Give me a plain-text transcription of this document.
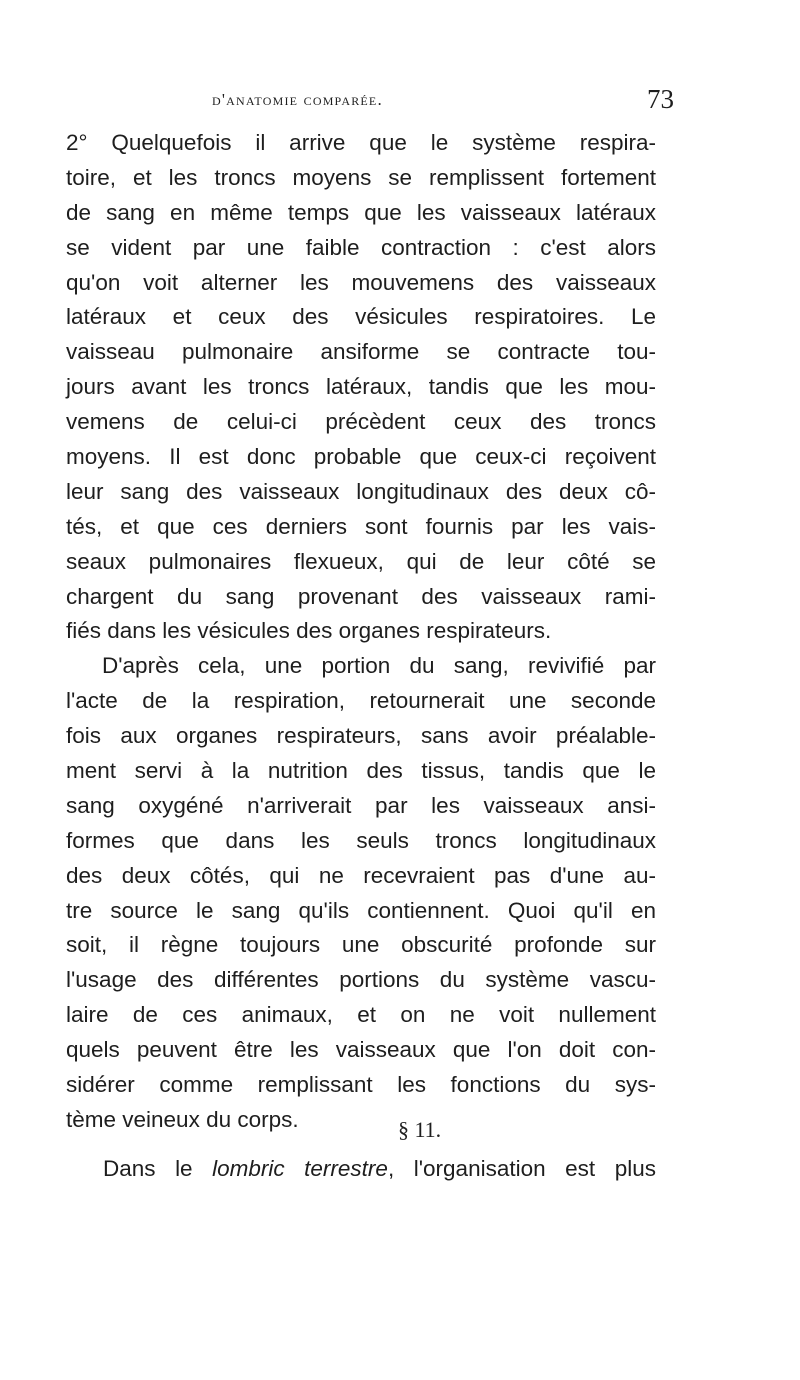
d'anatomie comparée.	73
2° Quelquefois il arrive que le système respira-
toire, et les troncs moyens se remplissent fortement
de sang en même temps que les vaisseaux latéraux
se vident par une faible contraction : c'est alors
qu'on voit alterner les mouvemens des vaisseaux
latéraux et ceux des vésicules respiratoires. Le
vaisseau pulmonaire ansiforme se contracte tou-
jours avant les troncs latéraux, tandis que les mou-
vemens de celui-ci précèdent ceux des troncs
moyens. Il est donc probable que ceux-ci reçoivent
leur sang des vaisseaux longitudinaux des deux cô-
tés, et que ces derniers sont fournis par les vais-
seaux pulmonaires flexueux, qui de leur côté se
chargent du sang provenant des vaisseaux rami-
fiés dans les vésicules des organes respirateurs.
D'après cela, une portion du sang, revivifié par
l'acte de la respiration, retournerait une seconde
fois aux organes respirateurs, sans avoir préalable-
ment servi à la nutrition des tissus, tandis que le
sang oxygéné n'arriverait par les vaisseaux ansi-
formes que dans les seuls troncs longitudinaux
des deux côtés, qui ne recevraient pas d'une au-
tre source le sang qu'ils contiennent. Quoi qu'il en
soit, il règne toujours une obscurité profonde sur
l'usage des différentes portions du système vascu-
laire de ces animaux, et on ne voit nullement
quels peuvent être les vaisseaux que l'on doit con-
sidérer comme remplissant les fonctions du sys-
tème veineux du corps.	§ 11.
Dans le lombric terrestre, l'organisation est plus
